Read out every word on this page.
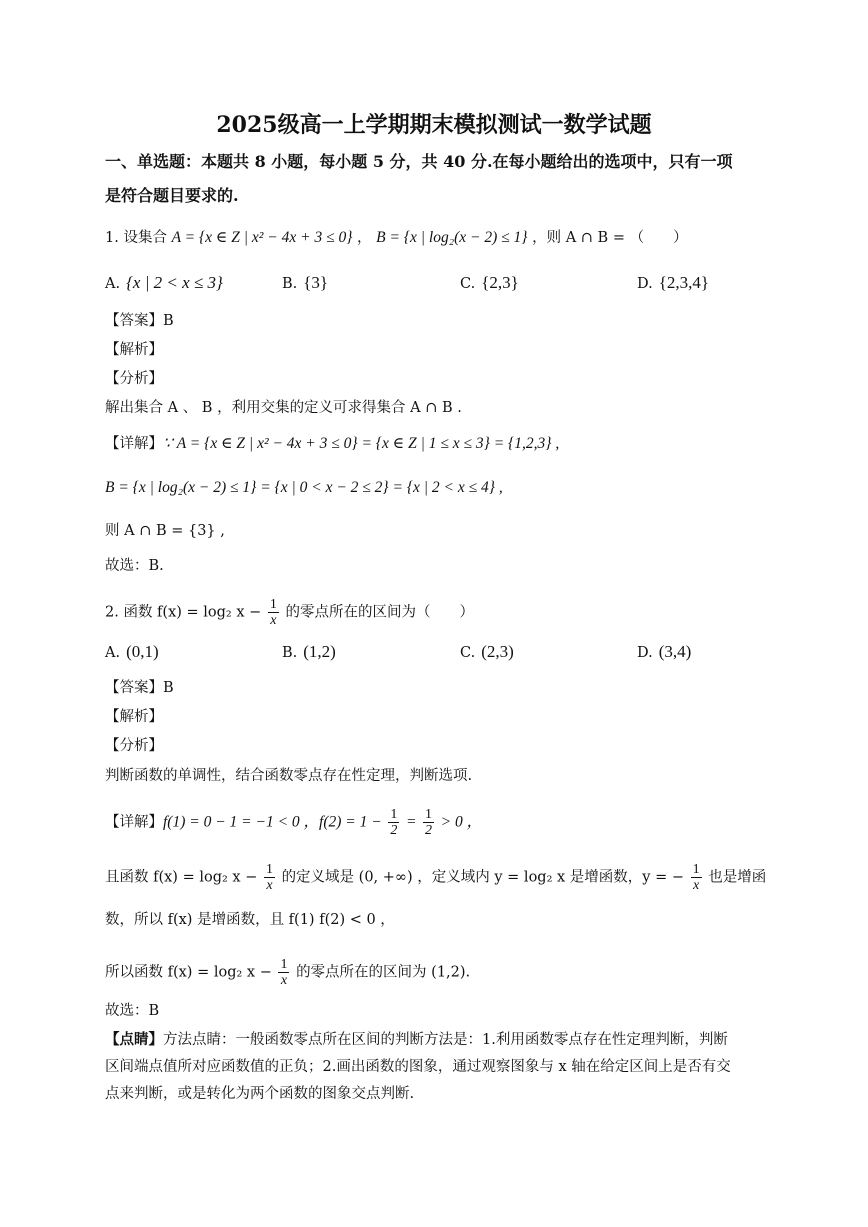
2025级高一上学期期末模拟测试一数学试题
一、单选题：本题共 8 小题，每小题 5 分，共 40 分.在每小题给出的选项中，只有一项
是符合题目要求的.
1. 设集合 A = {x ∈ Z | x² − 4x + 3 ≤ 0} ， B = {x | log₂(x − 2) ≤ 1} ，则 A ∩ B = （　　）
A. {x | 2 < x ≤ 3}	B. {3}	C. {2,3}	D. {2,3,4}
【答案】B
【解析】
【分析】
解出集合 A 、 B ，利用交集的定义可求得集合 A ∩ B .
【详解】∵ A = {x ∈ Z | x² − 4x + 3 ≤ 0} = {x ∈ Z | 1 ≤ x ≤ 3} = {1,2,3} ,
B = {x | log₂(x − 2) ≤ 1} = {x | 0 < x − 2 ≤ 2} = {x | 2 < x ≤ 4} ,
则 A ∩ B = {3} ,
故选：B.
2. 函数 f(x) = log₂ $x - \frac{1}{x}$ 的零点所在的区间为（　　）
A. (0,1)	B. (1,2)	C. (2,3)	D. (3,4)
【答案】B
【解析】
【分析】
判断函数的单调性，结合函数零点存在性定理，判断选项.
【详解】f(1) = 0 − 1 = −1 < 0 ，$f(2) = 1 - \frac{1}{2} = \frac{1}{2} > 0$ ，
且函数 f(x) = log₂ $x - \frac{1}{x}$ 的定义域是 (0, +∞) ，定义域内 y = log₂ x 是增函数，y = − $\frac{1}{x}$ 也是增函
数，所以 f(x) 是增函数，且 f(1) f(2) < 0 ，
所以函数 f(x) = log₂ $x - \frac{1}{x}$ 的零点所在的区间为 (1,2).
故选：B
【点睛】方法点睛：一般函数零点所在区间的判断方法是：1.利用函数零点存在性定理判断，判断
区间端点值所对应函数值的正负；2.画出函数的图象，通过观察图象与 x 轴在给定区间上是否有交
点来判断，或是转化为两个函数的图象交点判断.
